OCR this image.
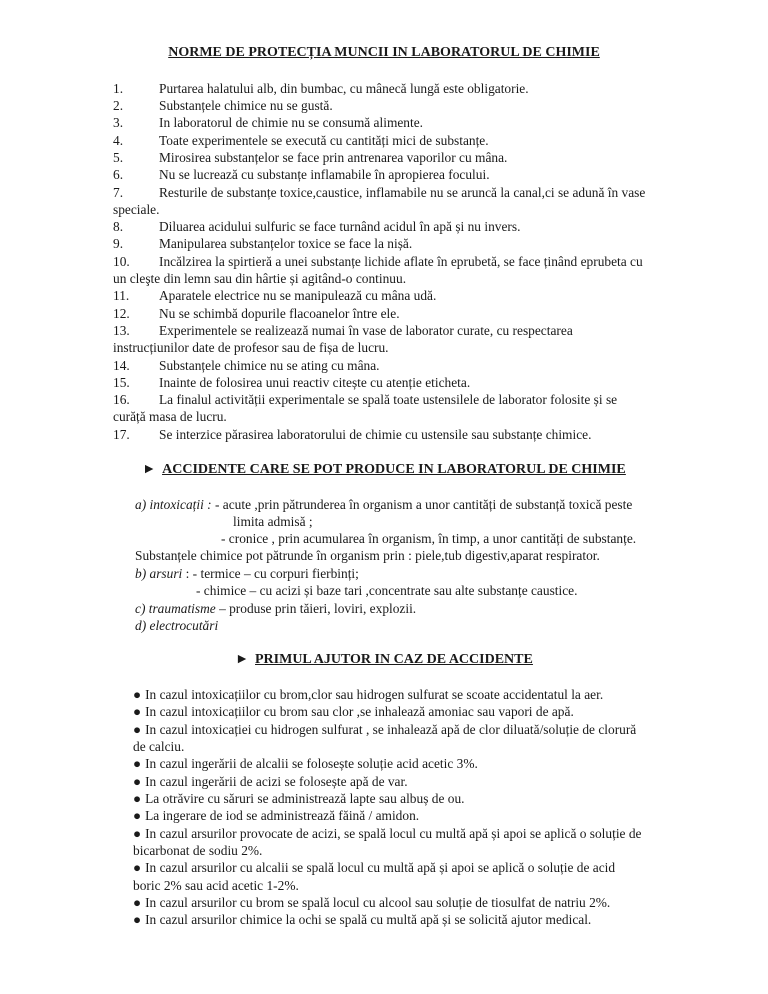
NORME DE PROTECȚIA MUNCII IN LABORATORUL DE CHIMIE
1.	Purtarea halatului alb, din bumbac, cu mânecă lungă este obligatorie.
2.	Substanțele chimice nu se gustă.
3.	In laboratorul de chimie nu se consumă alimente.
4.	Toate experimentele se execută cu cantități mici de substanțe.
5.	Mirosirea substanțelor se face prin antrenarea vaporilor cu mâna.
6.	Nu se lucrează cu substanțe inflamabile în apropierea focului.
7.	Resturile de substanțe toxice,caustice, inflamabile nu se aruncă la canal,ci se adună în vase
speciale.
8.	Diluarea acidului sulfuric se face turnând acidul în apă și nu invers.
9.	Manipularea substanțelor toxice se face la nișă.
10. Incălzirea la spirtieră a unei substanțe lichide aflate în eprubetă, se face ținând eprubeta cu
un cleşte din lemn sau din hârtie și agitând-o continuu.
11. Aparatele electrice nu se manipulează cu mâna udă.
12. Nu se schimbă dopurile flacoanelor între ele.
13. Experimentele se realizează numai în vase de laborator curate, cu respectarea
instrucțiunilor date de profesor sau de fișa de lucru.
14. Substanțele chimice nu se ating cu mâna.
15. Inainte de folosirea unui reactiv citește cu atenție eticheta.
16. La finalul activității experimentale se spală toate ustensilele de laborator folosite și se
curăță masa de lucru.
17. Se interzice părasirea laboratorului de chimie cu ustensile sau substanțe chimice.
► ACCIDENTE CARE SE POT PRODUCE IN LABORATORUL DE CHIMIE
a) intoxicații : - acute ,prin pătrunderea în organism a unor cantități de substanță toxică peste
limita admisă ;
- cronice , prin acumularea în organism, în timp, a unor cantități de substanțe.
Substanțele chimice pot pătrunde în organism prin : piele,tub digestiv,aparat respirator.
b) arsuri : - termice – cu corpuri fierbinți;
- chimice – cu acizi și baze tari ,concentrate sau alte substanțe caustice.
c) traumatisme – produse prin tăieri, loviri, explozii.
d) electrocutări
► PRIMUL AJUTOR IN CAZ DE ACCIDENTE
● In cazul intoxicațiilor cu brom,clor sau hidrogen sulfurat se scoate accidentatul la aer.
● In cazul intoxicațiilor cu brom sau clor ,se inhalează amoniac sau vapori de apă.
● In cazul intoxicației cu hidrogen sulfurat , se inhalează apă de clor diluată/soluție de clorură
de calciu.
● In cazul ingerării de alcalii se folosește soluție acid acetic 3%.
● In cazul ingerării de acizi se folosește apă de var.
● La otrăvire cu săruri se administrează lapte sau albuș de ou.
● La ingerare de iod se administrează făină / amidon.
● In cazul arsurilor provocate de acizi, se spală locul cu multă apă și apoi se aplică o soluție de
bicarbonat de sodiu 2%.
● In cazul arsurilor cu alcalii se spală locul cu multă apă și apoi se aplică o soluție de acid
boric 2% sau acid acetic 1-2%.
● In cazul arsurilor cu brom se spală locul cu alcool sau soluție de tiosulfat de natriu 2%.
● In cazul arsurilor chimice la ochi se spală cu multă apă și se solicită ajutor medical.
